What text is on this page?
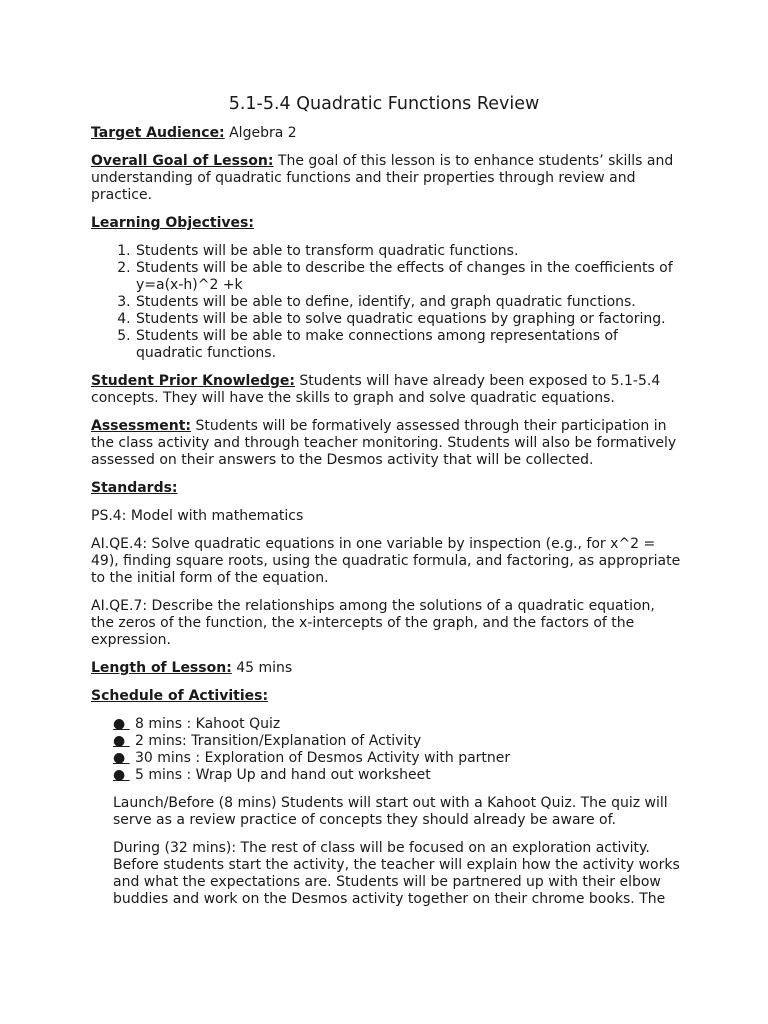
5.1-5.4 Quadratic Functions Review

Target Audience: Algebra 2

Overall Goal of Lesson: The goal of this lesson is to enhance students’ skills and understanding of quadratic functions and their properties through review and practice.

Learning Objectives:

1. Students will be able to transform quadratic functions.
2. Students will be able to describe the effects of changes in the coefficients of y=a(x-h)^2 +k
3. Students will be able to define, identify, and graph quadratic functions.
4. Students will be able to solve quadratic equations by graphing or factoring.
5. Students will be able to make connections among representations of quadratic functions.

Student Prior Knowledge: Students will have already been exposed to 5.1-5.4 concepts. They will have the skills to graph and solve quadratic equations.

Assessment: Students will be formatively assessed through their participation in the class activity and through teacher monitoring. Students will also be formatively assessed on their answers to the Desmos activity that will be collected.

Standards:

PS.4: Model with mathematics

AI.QE.4: Solve quadratic equations in one variable by inspection (e.g., for x^2 = 49), finding square roots, using the quadratic formula, and factoring, as appropriate to the initial form of the equation.

AI.QE.7: Describe the relationships among the solutions of a quadratic equation, the zeros of the function, the x-intercepts of the graph, and the factors of the expression.

Length of Lesson: 45 mins

Schedule of Activities:

● 8 mins : Kahoot Quiz
● 2 mins: Transition/Explanation of Activity
● 30 mins : Exploration of Desmos Activity with partner
● 5 mins : Wrap Up and hand out worksheet

Launch/Before (8 mins) Students will start out with a Kahoot Quiz. The quiz will serve as a review practice of concepts they should already be aware of.

During (32 mins): The rest of class will be focused on an exploration activity. Before students start the activity, the teacher will explain how the activity works and what the expectations are. Students will be partnered up with their elbow buddies and work on the Desmos activity together on their chrome books. The
